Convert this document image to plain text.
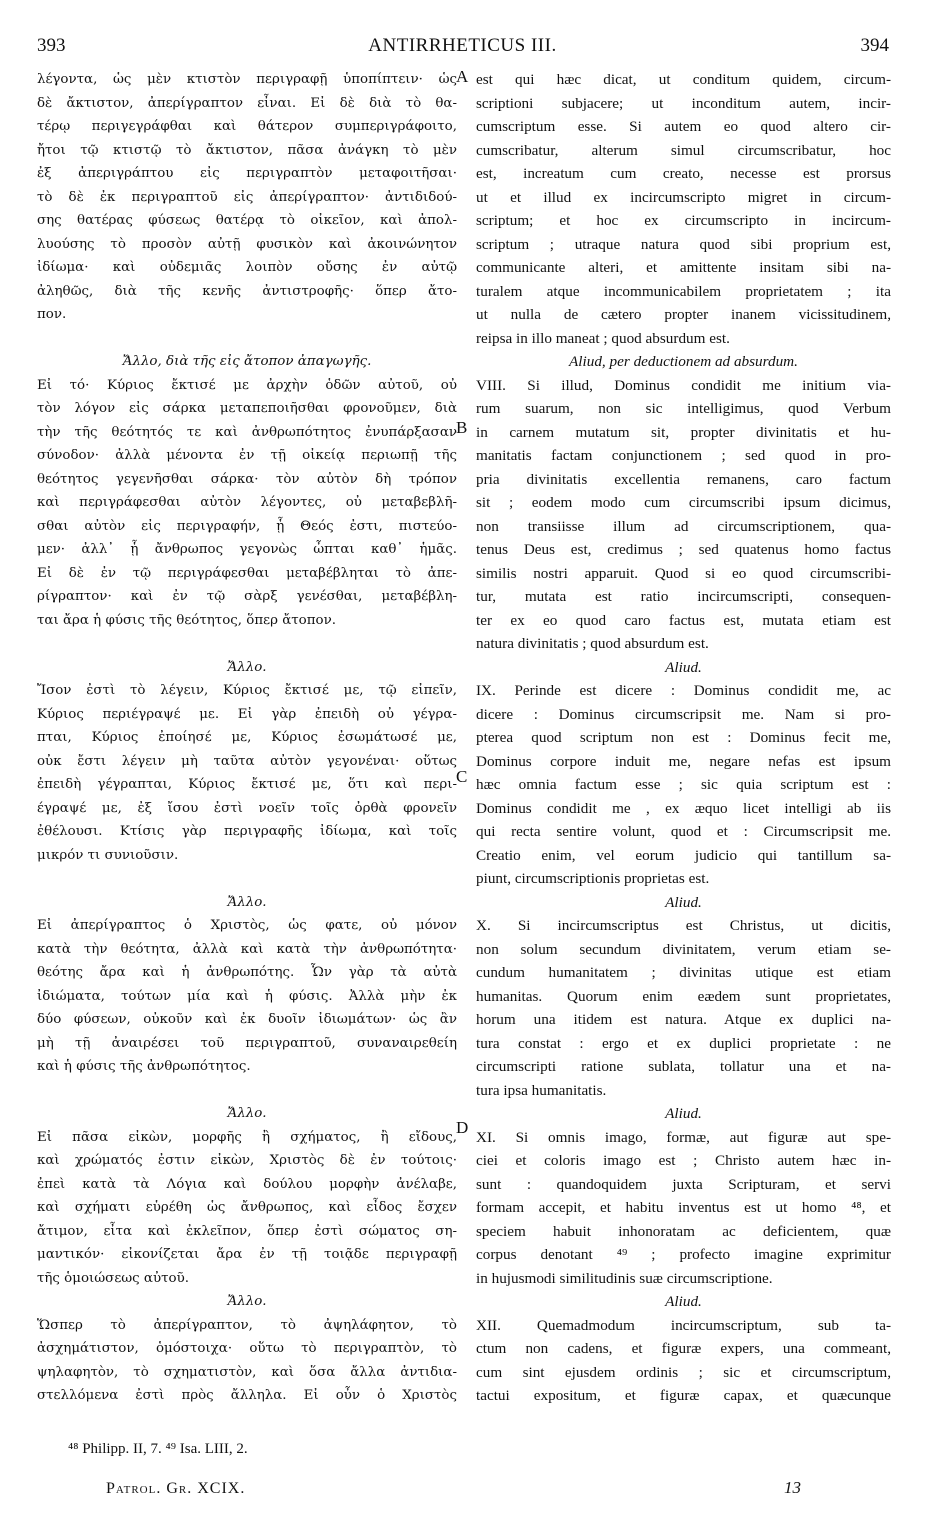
393	ANTIRRHETICUS III.	394
λέγοντα, ὡς μὲν κτιστὸν περιγραφῇ ὑποπίπτειν· ὡς
δὲ ἄκτιστον, ἀπερίγραπτον εἶναι. Εἰ δὲ διὰ τὸ θα-
τέρῳ περιγεγράφθαι καὶ θάτερον συμπεριγράφοιτο,
ἤτοι τῷ κτιστῷ τὸ ἄκτιστον, πᾶσα ἀνάγκη τὸ μὲν
ἐξ ἀπεριγράπτου εἰς περιγραπτὸν μεταφοιτῆσαι·
τὸ δὲ ἐκ περιγραπτοῦ εἰς ἀπερίγραπτον· ἀντιδιδού-
σης θατέρας φύσεως θατέρᾳ τὸ οἰκεῖον, καὶ ἀπολ-
λυούσης τὸ προσὸν αὐτῇ φυσικὸν καὶ ἀκοινώνητον
ἰδίωμα· καὶ οὐδεμιᾶς λοιπὸν οὔσης ἐν αὐτῷ
ἀληθῶς, διὰ τῆς κενῆς ἀντιστροφῆς· ὅπερ ἄτο-
πον.
Ἄλλο, διὰ τῆς εἰς ἄτοπον ἀπαγωγῆς.
Εἰ τό· Κύριος ἔκτισέ με ἀρχὴν ὁδῶν αὐτοῦ, οὐ
τὸν λόγον εἰς σάρκα μεταπεποιῆσθαι φρονοῦμεν, διὰ
τὴν τῆς θεότητός τε καὶ ἀνθρωπότητος ἐνυπάρξασαν
σύνοδον· ἀλλὰ μένοντα ἐν τῇ οἰκείᾳ περιωπῇ τῆς
θεότητος γεγενῆσθαι σάρκα· τὸν αὐτὸν δὴ τρόπον
καὶ περιγράφεσθαι αὐτὸν λέγοντες, οὐ μεταβεβλῆ-
σθαι αὐτὸν εἰς περιγραφήν, ᾗ Θεός ἐστι, πιστεύο-
μεν· ἀλλ᾽ ᾗ ἄνθρωπος γεγονὼς ὦπται καθ᾽ ἡμᾶς.
Εἰ δὲ ἐν τῷ περιγράφεσθαι μεταβέβληται τὸ ἀπε-
ρίγραπτον· καὶ ἐν τῷ σὰρξ γενέσθαι, μεταβέβλη-
ται ἄρα ἡ φύσις τῆς θεότητος, ὅπερ ἄτοπον.
Ἄλλο.
Ἴσον ἐστὶ τὸ λέγειν, Κύριος ἔκτισέ με, τῷ εἰπεῖν,
Κύριος περιέγραψέ με. Εἰ γὰρ ἐπειδὴ οὐ γέγρα-
πται, Κύριος ἐποίησέ με, Κύριος ἐσωμάτωσέ με,
οὐκ ἔστι λέγειν μὴ ταῦτα αὐτὸν γεγονέναι· οὕτως
ἐπειδὴ γέγραπται, Κύριος ἔκτισέ με, ὅτι καὶ περι-
έγραψέ με, ἐξ ἴσου ἐστὶ νοεῖν τοῖς ὀρθὰ φρονεῖν
ἐθέλουσι. Κτίσις γὰρ περιγραφῆς ἰδίωμα, καὶ τοῖς
μικρόν τι συνιοῦσιν.
Ἄλλο.
Εἰ ἀπερίγραπτος ὁ Χριστὸς, ὡς φατε, οὐ μόνον
κατὰ τὴν θεότητα, ἀλλὰ καὶ κατὰ τὴν ἀνθρωπότητα·
θεότης ἄρα καὶ ἡ ἀνθρωπότης. Ὧν γὰρ τὰ αὐτὰ
ἰδιώματα, τούτων μία καὶ ἡ φύσις. Ἀλλὰ μὴν ἐκ
δύο φύσεων, οὐκοῦν καὶ ἐκ δυοῖν ἰδιωμάτων· ὡς ἂν
μὴ τῇ ἀναιρέσει τοῦ περιγραπτοῦ, συναναιρεθείη
καὶ ἡ φύσις τῆς ἀνθρωπότητος.
Ἄλλο.
Εἰ πᾶσα εἰκὼν, μορφῆς ἢ σχήματος, ἢ εἴδους,
καὶ χρώματός ἐστιν εἰκὼν, Χριστὸς δὲ ἐν τούτοις·
ἐπεὶ κατὰ τὰ Λόγια καὶ δούλου μορφὴν ἀνέλαβε,
καὶ σχήματι εὑρέθη ὡς ἄνθρωπος, καὶ εἶδος ἔσχεν
ἄτιμον, εἶτα καὶ ἐκλεῖπον, ὅπερ ἐστὶ σώματος ση-
μαντικόν· εἰκονίζεται ἄρα ἐν τῇ τοιᾷδε περιγραφῇ
τῆς ὁμοιώσεως αὐτοῦ.
Ἄλλο.
Ὥσπερ τὸ ἀπερίγραπτον, τὸ ἀψηλάφητον, τὸ
ἀσχημάτιστον, ὁμόστοιχα· οὕτω τὸ περιγραπτὸν, τὸ
ψηλαφητὸν, τὸ σχηματιστὸν, καὶ ὅσα ἄλλα ἀντιδια-
στελλόμενα ἐστὶ πρὸς ἄλληλα. Εἰ οὖν ὁ Χριστὸς
est qui hæc dicat, ut conditum quidem, circum-
scriptioni subjacere; ut inconditum autem, incir-
cumscriptum esse. Si autem eo quod altero cir-
cumscribatur, alterum simul circumscribatur, hoc
est, increatum cum creato, necesse est prorsus
ut et illud ex incircumscripto migret in circum-
scriptum; et hoc ex circumscripto in incircum-
scriptum ; utraque natura quod sibi proprium est,
communicante alteri, et amittente insitam sibi na-
turalem atque incommunicabilem proprietatem ; ita
ut nulla de cætero propter inanem vicissitudinem,
reipsa in illo maneat ; quod absurdum est.
Aliud, per deductionem ad absurdum.
VIII. Si illud, Dominus condidit me initium via-
rum suarum, non sic intelligimus, quod Verbum
in carnem mutatum sit, propter divinitatis et hu-
manitatis factam conjunctionem ; sed quod in pro-
pria divinitatis excellentia remanens, caro factum
sit ; eodem modo cum circumscribi ipsum dicimus,
non transiisse illum ad circumscriptionem, qua-
tenus Deus est, credimus ; sed quatenus homo factus
similis nostri apparuit. Quod si eo quod circumscribi-
tur, mutata est ratio incircumscripti, consequen-
ter ex eo quod caro factus est, mutata etiam est
natura divinitatis ; quod absurdum est.
Aliud.
IX. Perinde est dicere : Dominus condidit me, ac
dicere : Dominus circumscripsit me. Nam si pro-
pterea quod scriptum non est : Dominus fecit me,
Dominus corpore induit me, negare nefas est ipsum
hæc omnia factum esse ; sic quia scriptum est :
Dominus condidit me , ex æquo licet intelligi ab iis
qui recta sentire volunt, quod et : Circumscripsit me.
Creatio enim, vel eorum judicio qui tantillum sa-
piunt, circumscriptionis proprietas est.
Aliud.
X. Si incircumscriptus est Christus, ut dicitis,
non solum secundum divinitatem, verum etiam se-
cundum humanitatem ; divinitas utique est etiam
humanitas. Quorum enim eædem sunt proprietates,
horum una itidem est natura. Atque ex duplici na-
tura constat : ergo et ex duplici proprietate : ne
circumscripti ratione sublata, tollatur una et na-
tura ipsa humanitatis.
Aliud.
XI. Si omnis imago, formæ, aut figuræ aut spe-
ciei et coloris imago est ; Christo autem hæc in-
sunt : quandoquidem juxta Scripturam, et servi
formam accepit, et habitu inventus est ut homo ⁴⁸, et
speciem habuit inhonoratam ac deficientem, quæ
corpus denotant ⁴⁹ ; profecto imagine exprimitur
in hujusmodi similitudinis suæ circumscriptione.
Aliud.
XII. Quemadmodum incircumscriptum, sub ta-
ctum non cadens, et figuræ expers, una commeant,
cum sint ejusdem ordinis ; sic et circumscriptum,
tactui expositum, et figuræ capax, et quæcunque
A
B
C
D
⁴⁸ Philipp. II, 7. ⁴⁹ Isa. LIII, 2.
Patrol. Gr. XCIX.	13
